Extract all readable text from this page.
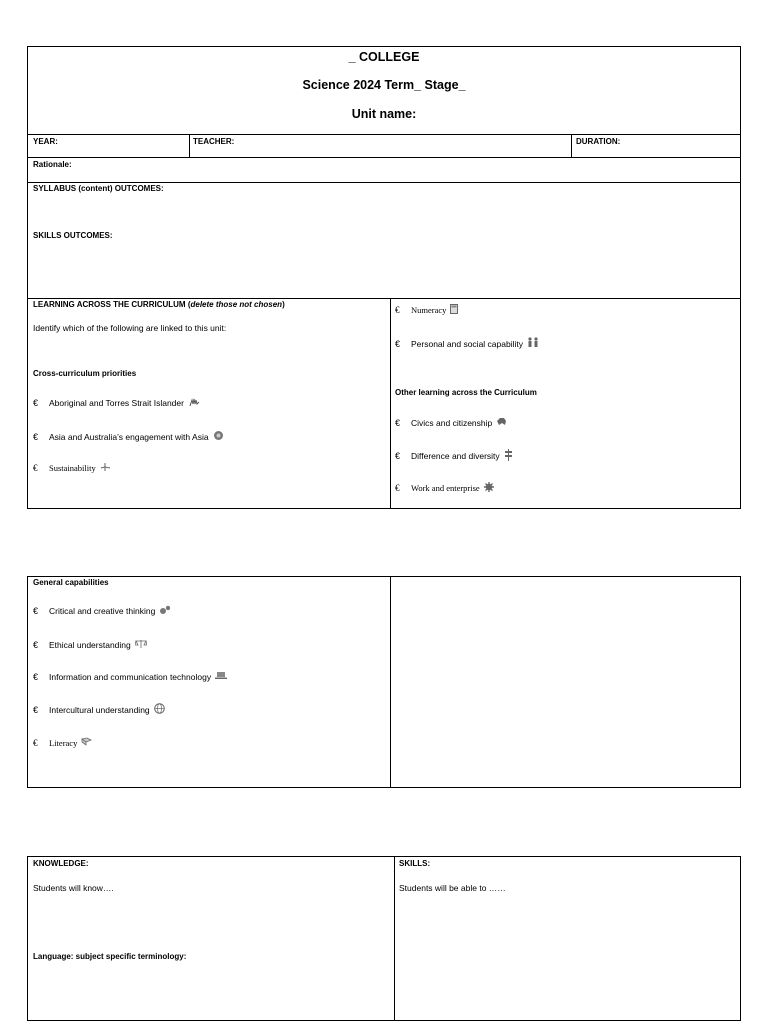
_ COLLEGE
Science 2024 Term_ Stage_
Unit name:
YEAR:	TEACHER:	DURATION:
Rationale:
SYLLABUS (content) OUTCOMES:
SKILLS OUTCOMES:
LEARNING ACROSS THE CURRICULUM (delete those not chosen)
Identify which of the following are linked to this unit:
Cross-curriculum priorities
€	Aboriginal and Torres Strait Islander
€	Asia and Australia’s engagement with Asia
€	Sustainability
€	Numeracy
€	Personal and social capability
Other learning across the Curriculum
€	Civics and citizenship
€	Difference and diversity
€	Work and enterprise
General capabilities
€	Critical and creative thinking
€	Ethical understanding
€	Information and communication technology
€	Intercultural understanding
€	Literacy
KNOWLEDGE:
Students will know….
Language: subject specific terminology:
SKILLS:
Students will be able to ……
